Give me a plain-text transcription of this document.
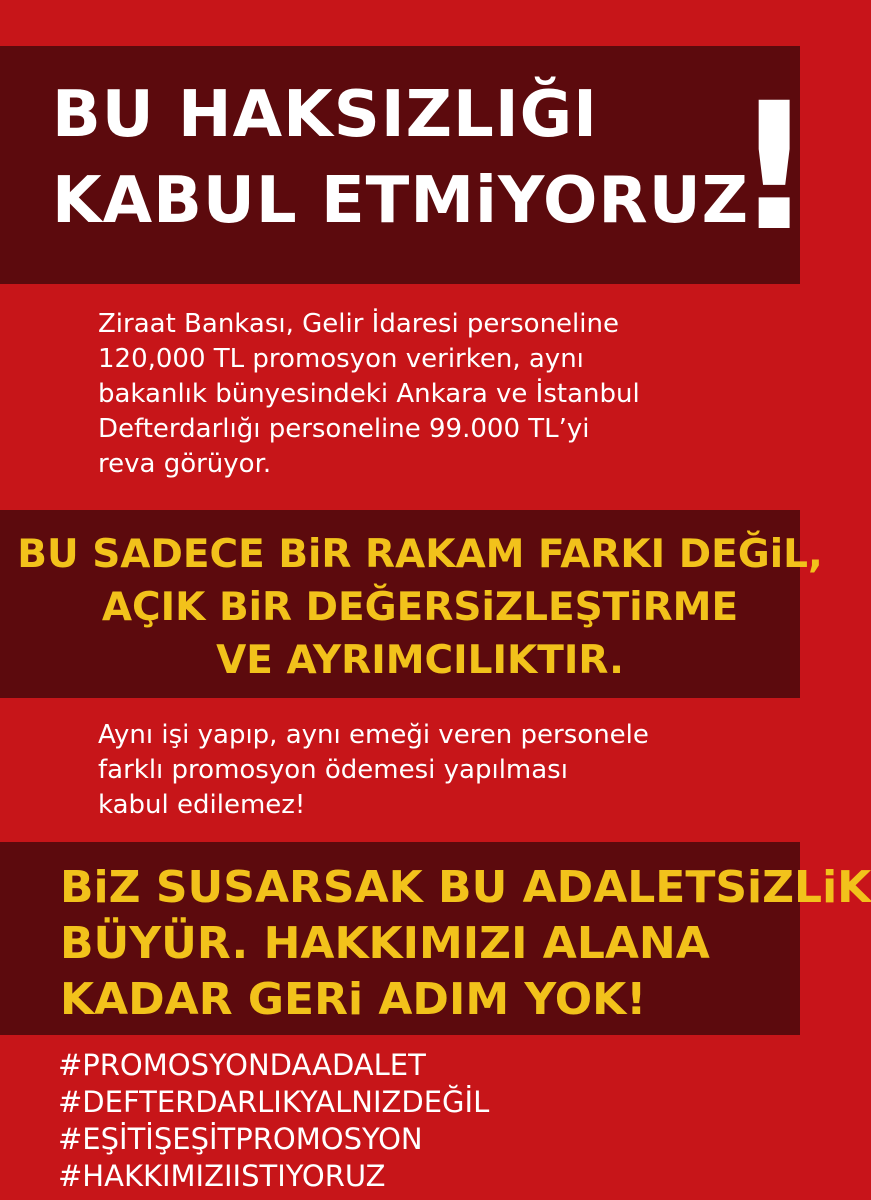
BU HAKSIZLIĞI
KABUL ETMiYORUZ
!
Ziraat Bankası, Gelir İdaresi personeline
120,000 TL promosyon verirken, aynı
bakanlık bünyesindeki Ankara ve İstanbul
Defterdarlığı personeline 99.000 TL’yi
reva görüyor.
BU SADECE BiR RAKAM FARKI DEĞiL,
AÇIK BiR DEĞERSiZLEŞTiRME
VE AYRIMCILIKTIR.
Aynı işi yapıp, aynı emeği veren personele
farklı promosyon ödemesi yapılması
kabul edilemez!
BiZ SUSARSAK BU ADALETSiZLiK
BÜYÜR. HAKKIMIZI ALANA
KADAR GERi ADIM YOK!
#PROMOSYONDAADALET
#DEFTERDARLIKYALNIZDEĞİL
#EŞİTİŞEŞİTPROMOSYON
#HAKKIMIZIISTIYORUZ
